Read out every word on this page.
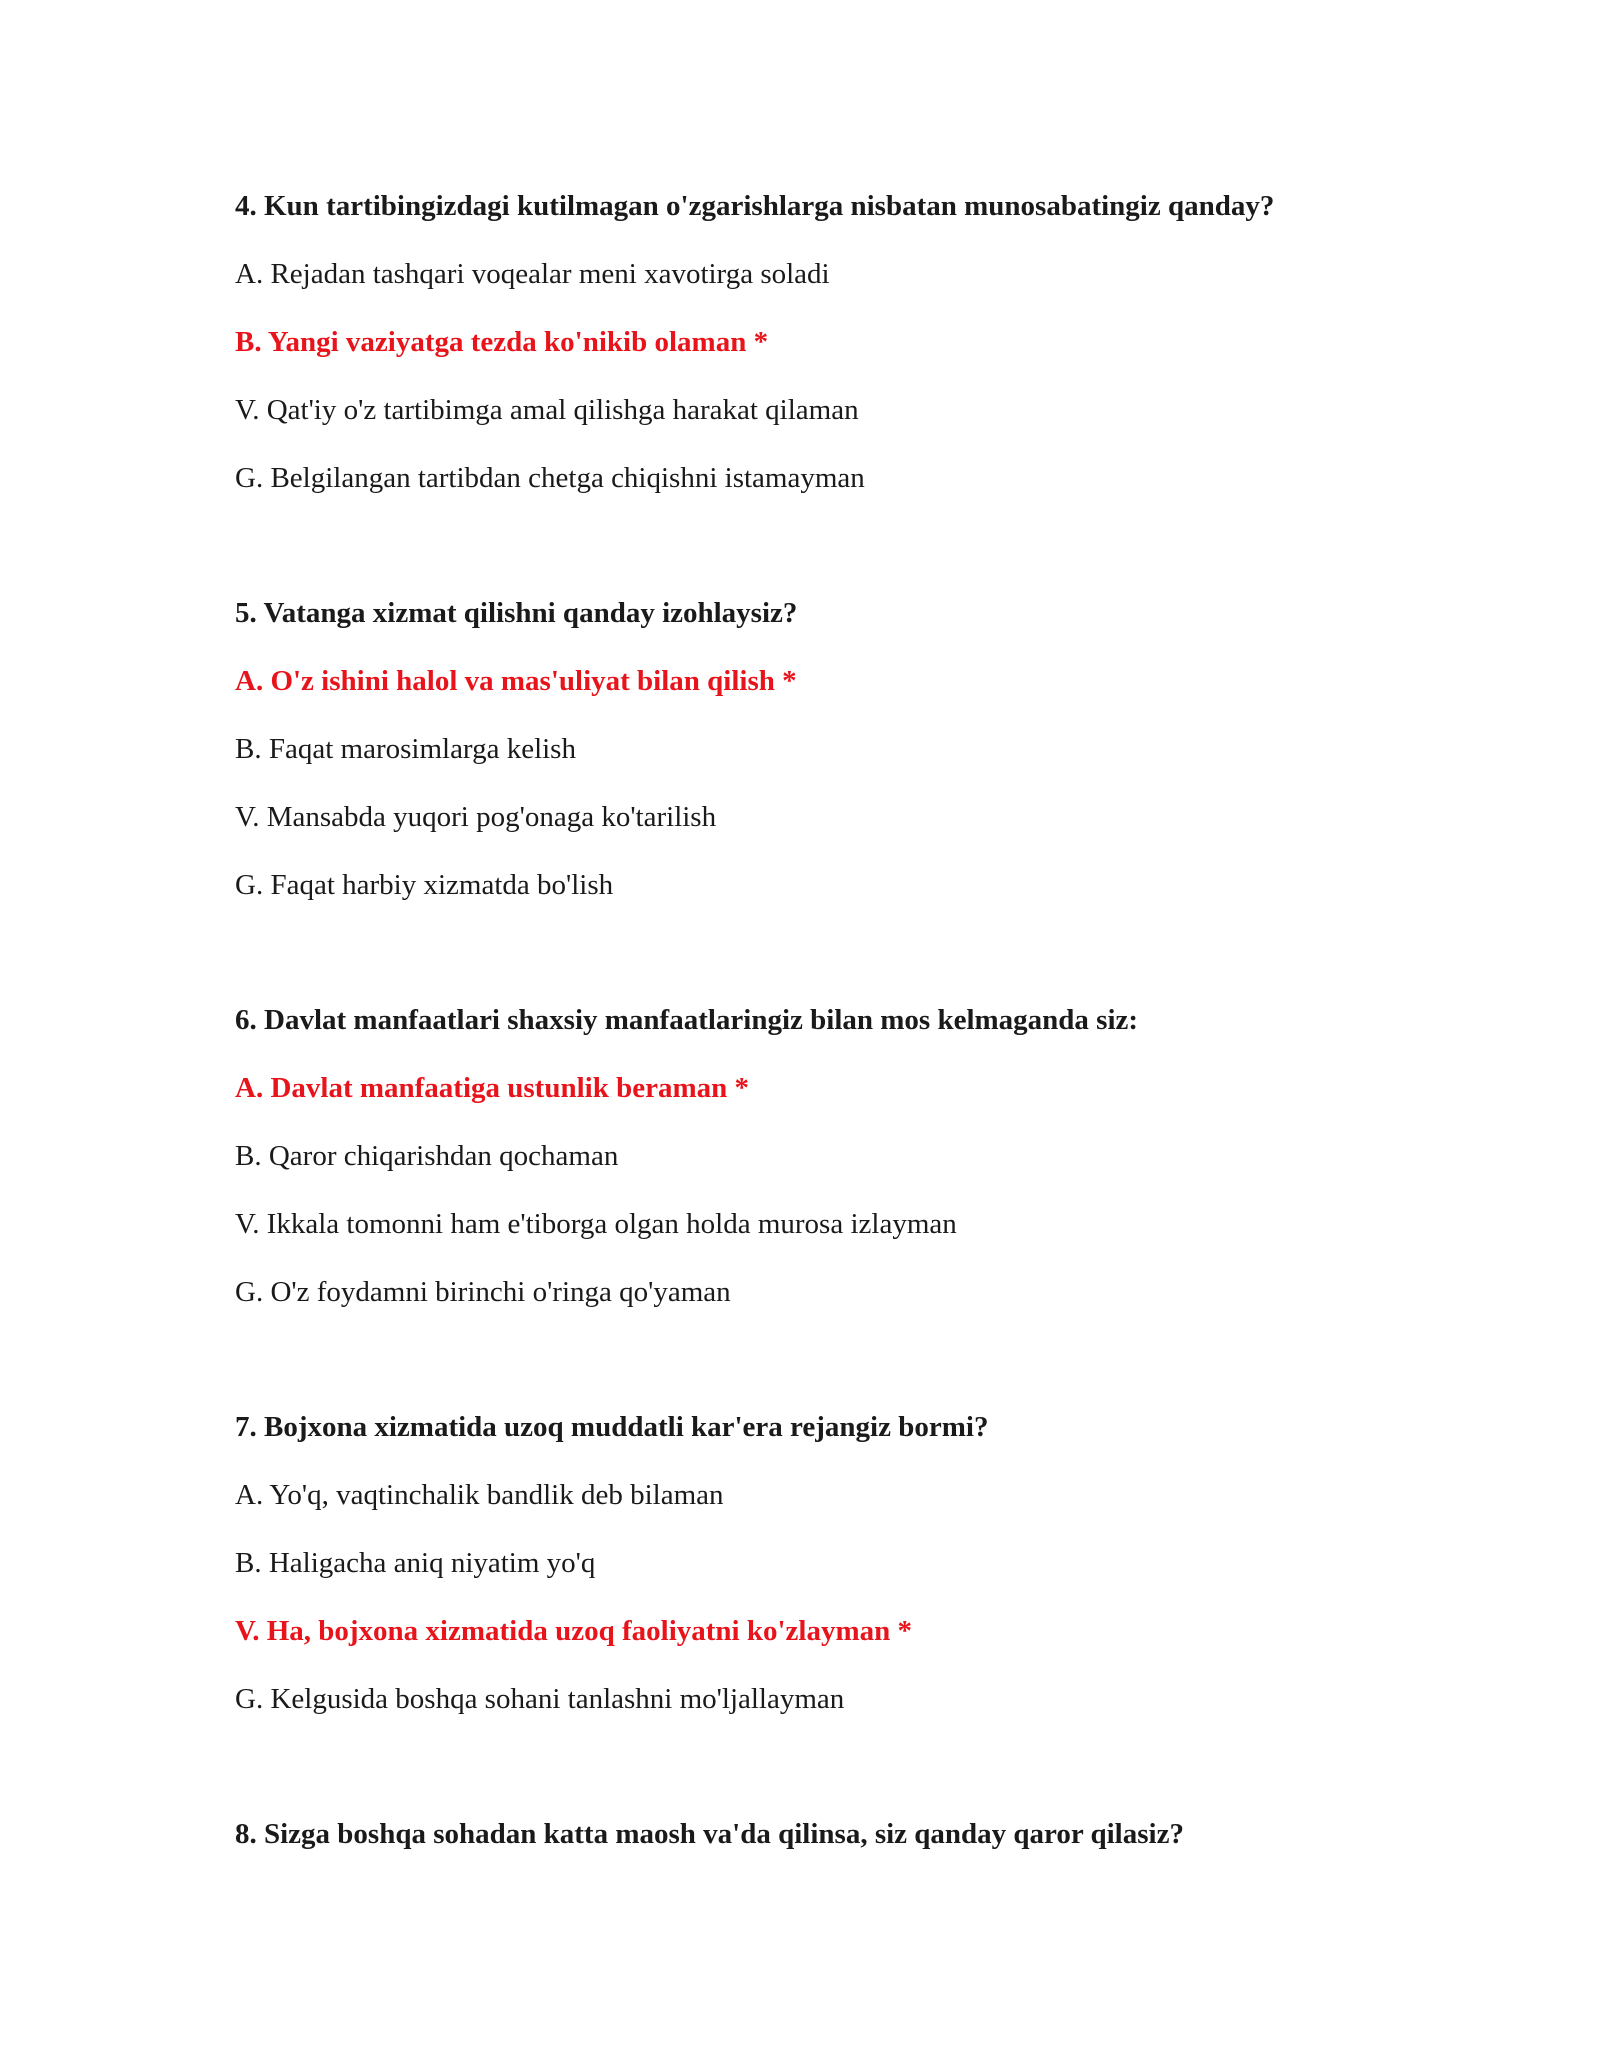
4. Kun tartibingizdagi kutilmagan o'zgarishlarga nisbatan munosabatingiz qanday?
A. Rejadan tashqari voqealar meni xavotirga soladi
B. Yangi vaziyatga tezda ko'nikib olaman *
V. Qat'iy o'z tartibimga amal qilishga harakat qilaman
G. Belgilangan tartibdan chetga chiqishni istamayman
5. Vatanga xizmat qilishni qanday izohlaysiz?
A. O'z ishini halol va mas'uliyat bilan qilish *
B. Faqat marosimlarga kelish
V. Mansabda yuqori pog'onaga ko'tarilish
G. Faqat harbiy xizmatda bo'lish
6. Davlat manfaatlari shaxsiy manfaatlaringiz bilan mos kelmaganda siz:
A. Davlat manfaatiga ustunlik beraman *
B. Qaror chiqarishdan qochaman
V. Ikkala tomonni ham e'tiborga olgan holda murosa izlayman
G. O'z foydamni birinchi o'ringa qo'yaman
7. Bojxona xizmatida uzoq muddatli kar'era rejangiz bormi?
A. Yo'q, vaqtinchalik bandlik deb bilaman
B. Haligacha aniq niyatim yo'q
V. Ha, bojxona xizmatida uzoq faoliyatni ko'zlayman *
G. Kelgusida boshqa sohani tanlashni mo'ljallayman
8. Sizga boshqa sohadan katta maosh va'da qilinsa, siz qanday qaror qilasiz?
